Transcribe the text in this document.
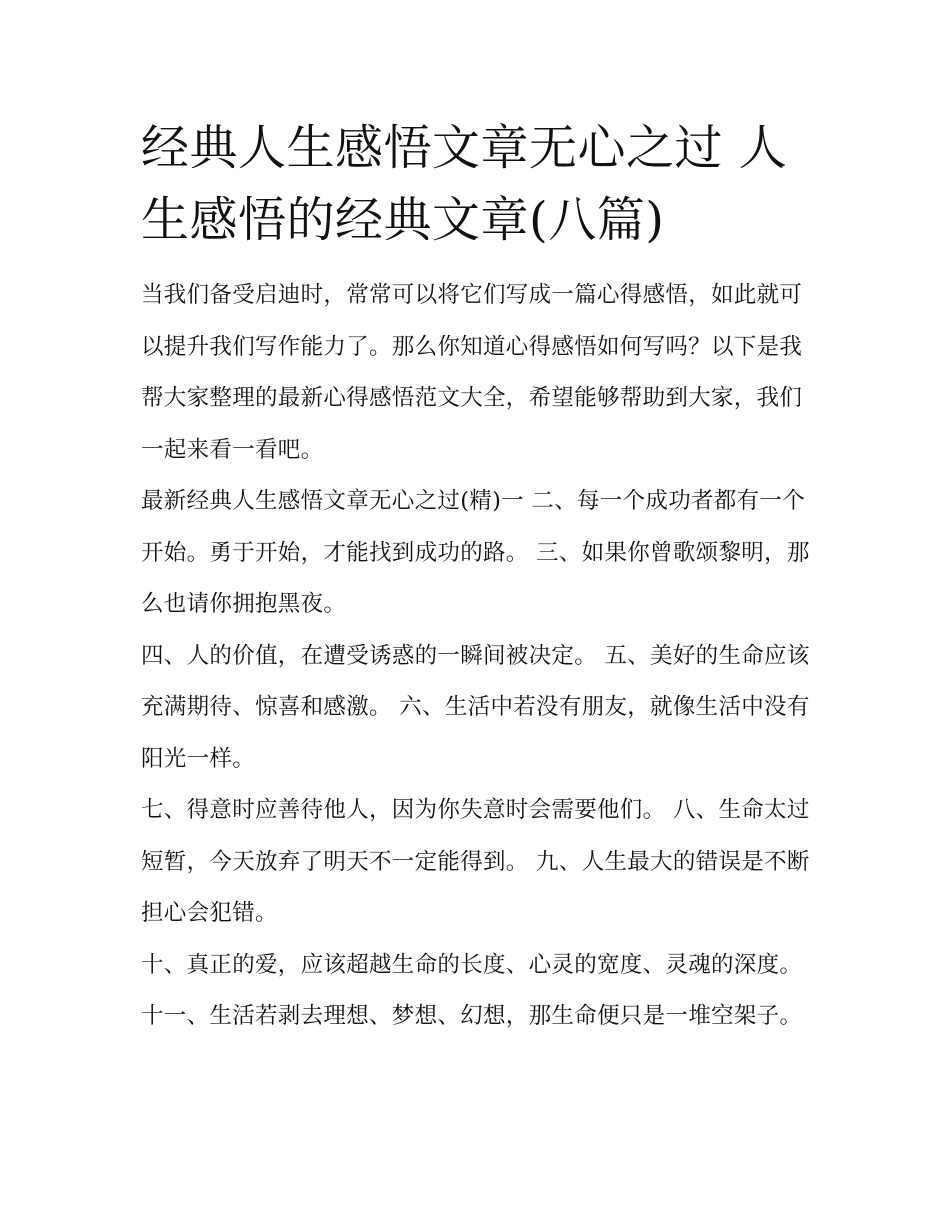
经典人生感悟文章无心之过 人生感悟的经典文章(八篇)

当我们备受启迪时，常常可以将它们写成一篇心得感悟，如此就可以提升我们写作能力了。那么你知道心得感悟如何写吗？以下是我帮大家整理的最新心得感悟范文大全，希望能够帮助到大家，我们一起来看一看吧。

最新经典人生感悟文章无心之过(精)一 二、每一个成功者都有一个开始。勇于开始，才能找到成功的路。 三、如果你曾歌颂黎明，那么也请你拥抱黑夜。

四、人的价值，在遭受诱惑的一瞬间被决定。 五、美好的生命应该充满期待、惊喜和感激。 六、生活中若没有朋友，就像生活中没有阳光一样。

七、得意时应善待他人，因为你失意时会需要他们。 八、生命太过短暂，今天放弃了明天不一定能得到。 九、人生最大的错误是不断担心会犯错。

十、真正的爱，应该超越生命的长度、心灵的宽度、灵魂的深度。 十一、生活若剥去理想、梦想、幻想，那生命便只是一堆空架子。
